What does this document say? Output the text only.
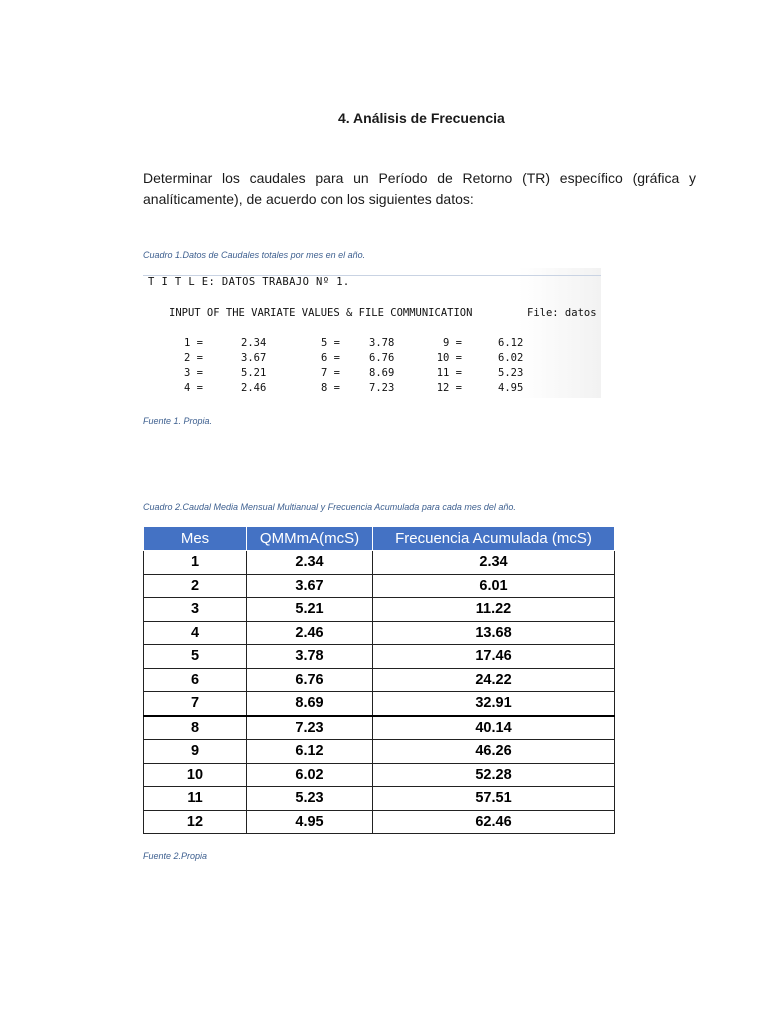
4. Análisis de Frecuencia
Determinar los caudales para un Período de Retorno (TR) específico (gráfica y analíticamente), de acuerdo con los siguientes datos:
Cuadro 1.Datos de Caudales totales por mes en el año.
T I T L E: DATOS TRABAJO Nº 1.
INPUT OF THE VARIATE VALUES & FILE COMMUNICATION	File: datos
1 =	2.34	5 =	3.78	9 =	6.12
2 =	3.67	6 =	6.76	10 =	6.02
3 =	5.21	7 =	8.69	11 =	5.23
4 =	2.46	8 =	7.23	12 =	4.95
Fuente 1. Propia.
Cuadro 2.Caudal Media Mensual Multianual y Frecuencia Acumulada para cada mes del año.
Mes	QMMmA(mcS)	Frecuencia Acumulada (mcS)
1	2.34	2.34
2	3.67	6.01
3	5.21	11.22
4	2.46	13.68
5	3.78	17.46
6	6.76	24.22
7	8.69	32.91
8	7.23	40.14
9	6.12	46.26
10	6.02	52.28
11	5.23	57.51
12	4.95	62.46
Fuente 2.Propia
